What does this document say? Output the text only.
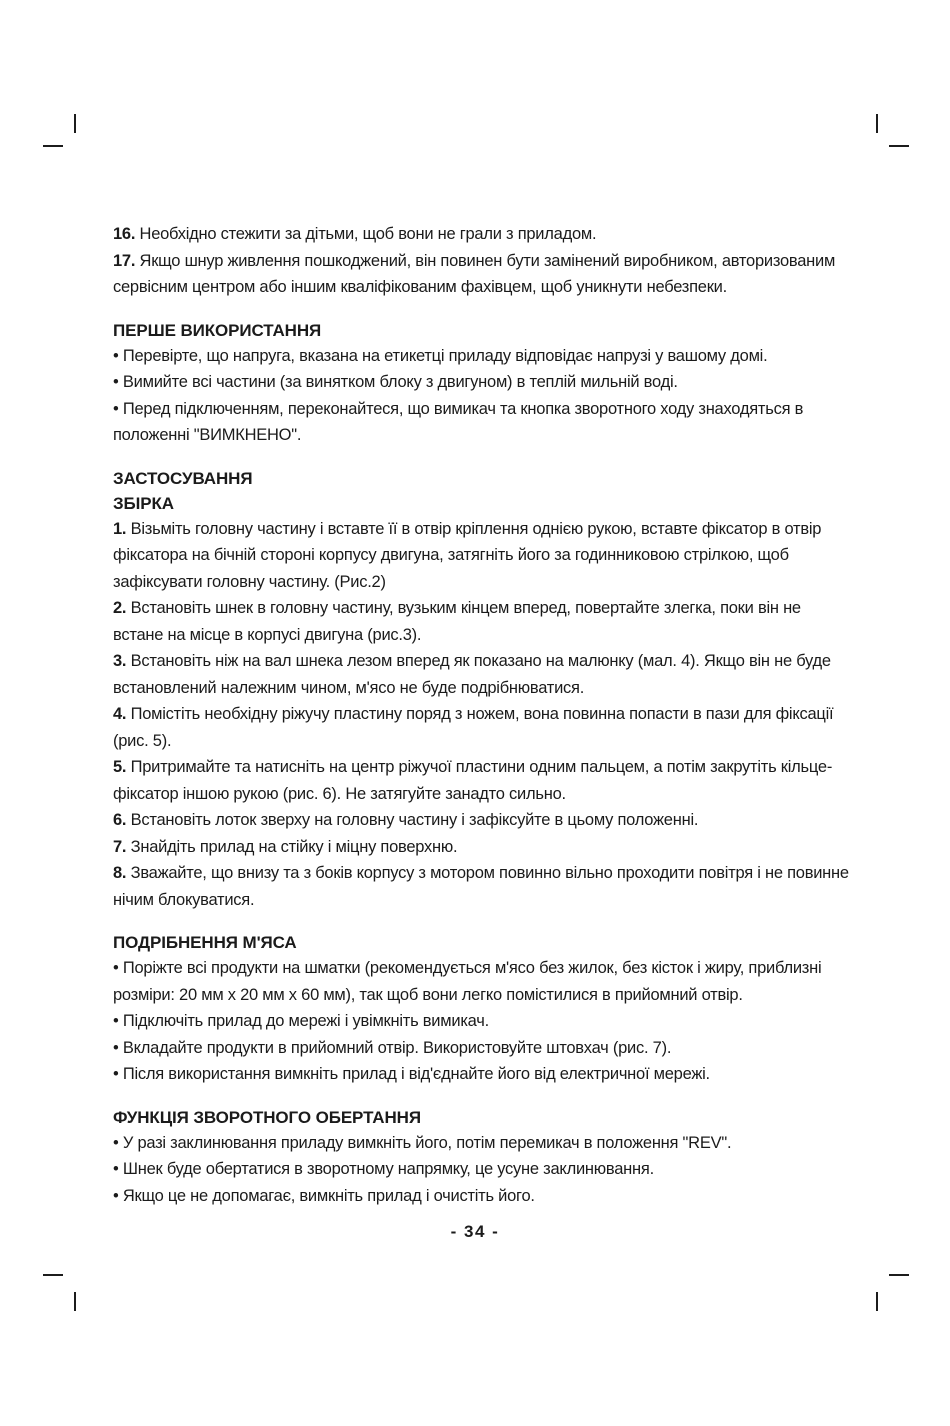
16. Необхідно стежити за дітьми, щоб вони не грали з приладом.

17. Якщо шнур живлення пошкоджений, він повинен бути замінений виробником, авторизованим сервісним центром або іншим кваліфікованим фахівцем, щоб уникнути небезпеки.

ПЕРШЕ ВИКОРИСТАННЯ

• Перевірте, що напруга, вказана на етикетці приладу відповідає напрузі у вашому домі.

• Вимийте всі частини (за винятком блоку з двигуном) в теплій мильній воді.

• Перед підключенням, переконайтеся, що вимикач та кнопка зворотного ходу знаходяться в положенні "ВИМКНЕНО".

ЗАСТОСУВАННЯ
ЗБІРКА

1. Візьміть головну частину і вставте її в отвір кріплення однією рукою, вставте фіксатор в отвір фіксатора на бічній стороні корпусу двигуна, затягніть його за годинниковою стрілкою, щоб зафіксувати головну частину. (Рис.2)

2. Встановіть шнек в головну частину, вузьким кінцем вперед, повертайте злегка, поки він не встане на місце в корпусі двигуна (рис.3).

3. Встановіть ніж на вал шнека лезом вперед як показано на малюнку (мал. 4). Якщо він не буде встановлений належним чином, м'ясо не буде подрібнюватися.

4. Помістіть необхідну ріжучу пластину поряд з ножем, вона повинна попасти в пази для фіксації (рис. 5).

5. Притримайте та натисніть на центр ріжучої пластини одним пальцем, а потім закрутіть кільце-фіксатор іншою рукою (рис. 6). Не затягуйте занадто сильно.

6. Встановіть лоток зверху на головну частину і зафіксуйте в цьому положенні.

7. Знайдіть прилад на стійку і міцну поверхню.

8. Зважайте, що внизу та з боків корпусу з мотором повинно вільно проходити повітря і не повинне нічим блокуватися.

ПОДРІБНЕННЯ М'ЯСА

• Поріжте всі продукти на шматки (рекомендується м'ясо без жилок, без кісток і жиру, приблизні розміри: 20 мм x 20 мм x 60 мм), так щоб вони легко помістилися в прийомний отвір.

• Підключіть прилад до мережі і увімкніть вимикач.

• Вкладайте продукти в прийомний отвір. Використовуйте штовхач (рис. 7).

• Після використання вимкніть прилад і від'єднайте його від електричної мережі.

ФУНКЦІЯ ЗВОРОТНОГО ОБЕРТАННЯ

• У разі заклинювання приладу вимкніть його, потім перемикач в положення "REV".

• Шнек буде обертатися в зворотному напрямку, це усуне заклинювання.

• Якщо це не допомагає, вимкніть прилад і очистіть його.

- 34 -
